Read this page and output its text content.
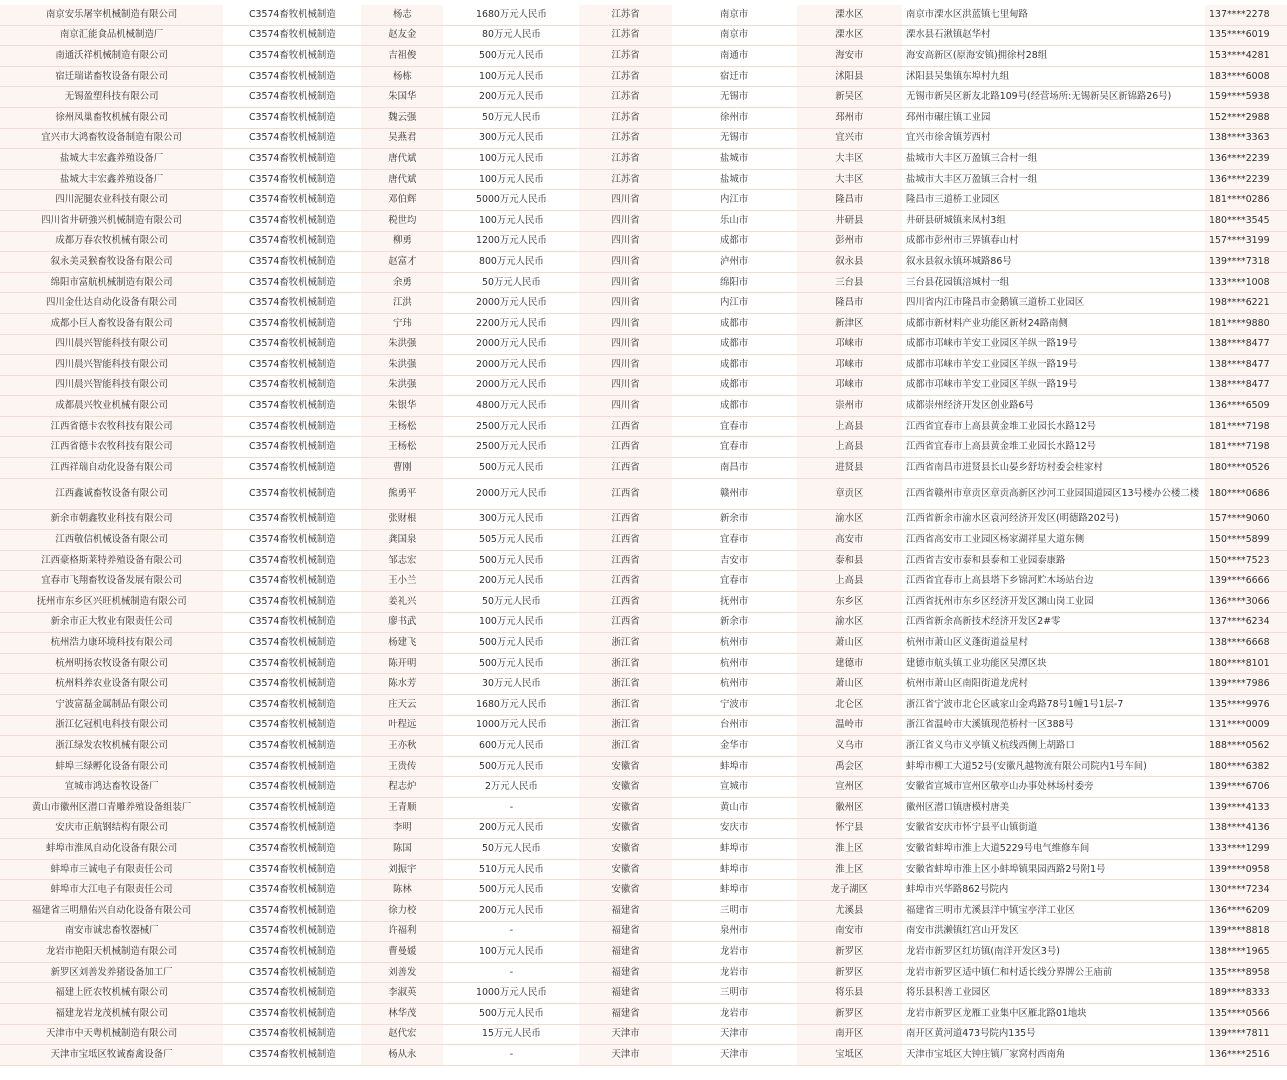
南京安乐屠宰机械制造有限公司	C3574畜牧机械制造	杨志	1680万元人民币	江苏省	南京市	溧水区	南京市溧水区洪蓝镇七里甸路	137****2278
南京汇能食品机械制造厂	C3574畜牧机械制造	赵友金	80万元人民币	江苏省	南京市	溧水区	溧水县石湫镇赵华村	135****6019
南通沃祥机械制造有限公司	C3574畜牧机械制造	吉祖俊	500万元人民币	江苏省	南通市	海安市	海安高新区(原海安镇)拥徐村28组	153****4281
宿迁瑞诺畜牧设备有限公司	C3574畜牧机械制造	杨栋	100万元人民币	江苏省	宿迁市	沭阳县	沭阳县吴集镇东埠村九组	183****6008
无锡盈塑科技有限公司	C3574畜牧机械制造	朱国华	200万元人民币	江苏省	无锡市	新吴区	无锡市新吴区新友北路109号(经营场所:无锡新吴区新锦路26号)	159****5938
徐州凤巢畜牧机械有限公司	C3574畜牧机械制造	魏云强	50万元人民币	江苏省	徐州市	邳州市	邳州市碾庄镇工业园	152****2988
宜兴市大鸿畜牧设备制造有限公司	C3574畜牧机械制造	吴燕君	300万元人民币	江苏省	无锡市	宜兴市	宜兴市徐舍镇芳西村	138****3363
盐城大丰宏鑫养殖设备厂	C3574畜牧机械制造	唐代斌	100万元人民币	江苏省	盐城市	大丰区	盐城市大丰区万盈镇三合村一组	136****2239
盐城大丰宏鑫养殖设备厂	C3574畜牧机械制造	唐代斌	100万元人民币	江苏省	盐城市	大丰区	盐城市大丰区万盈镇三合村一组	136****2239
四川泥腿农业科技有限公司	C3574畜牧机械制造	邓伯辉	5000万元人民币	四川省	内江市	隆昌市	隆昌市三道桥工业园区	181****0286
四川省井研強兴机械制造有限公司	C3574畜牧机械制造	税世均	100万元人民币	四川省	乐山市	井研县	井研县研城镇来凤村3组	180****3545
成都万春农牧机械有限公司	C3574畜牧机械制造	柳勇	1200万元人民币	四川省	成都市	彭州市	成都市彭州市三界镇春山村	157****3199
叙永美灵猴畜牧设备有限公司	C3574畜牧机械制造	赵富才	800万元人民币	四川省	泸州市	叙永县	叙永县叙永镇环城路86号	139****7318
绵阳市富航机械制造有限公司	C3574畜牧机械制造	余勇	50万元人民币	四川省	绵阳市	三台县	三台县花园镇涪城村一组	133****1008
四川金仕达自动化设备有限公司	C3574畜牧机械制造	江洪	2000万元人民币	四川省	内江市	隆昌市	四川省内江市隆昌市金鹅镇三道桥工业园区	198****6221
成都小巨人畜牧设备有限公司	C3574畜牧机械制造	宁玮	2200万元人民币	四川省	成都市	新津区	成都市新材料产业功能区新材24路南侧	181****9880
四川晨兴智能科技有限公司	C3574畜牧机械制造	朱洪强	2000万元人民币	四川省	成都市	邛崃市	成都市邛崃市羊安工业园区羊纵一路19号	138****8477
四川晨兴智能科技有限公司	C3574畜牧机械制造	朱洪强	2000万元人民币	四川省	成都市	邛崃市	成都市邛崃市羊安工业园区羊纵一路19号	138****8477
四川晨兴智能科技有限公司	C3574畜牧机械制造	朱洪强	2000万元人民币	四川省	成都市	邛崃市	成都市邛崃市羊安工业园区羊纵一路19号	138****8477
成都晨兴牧业机械有限公司	C3574畜牧机械制造	朱银华	4800万元人民币	四川省	成都市	崇州市	成都崇州经济开发区创业路6号	136****6509
江西省德卡农牧科技有限公司	C3574畜牧机械制造	王杨松	2500万元人民币	江西省	宜春市	上高县	江西省宜春市上高县黄金堆工业园长水路12号	181****7198
江西省德卡农牧科技有限公司	C3574畜牧机械制造	王杨松	2500万元人民币	江西省	宜春市	上高县	江西省宜春市上高县黄金堆工业园长水路12号	181****7198
江西祥瑞自动化设备有限公司	C3574畜牧机械制造	曹刚	500万元人民币	江西省	南昌市	进贤县	江西省南昌市进贤县长山晏乡舒坊村委会桂家村	180****0526
江西鑫诚畜牧设备有限公司	C3574畜牧机械制造	熊勇平	2000万元人民币	江西省	赣州市	章贡区	江西省赣州市章贡区章贡高新区沙河工业园国道园区13号楼办公楼二楼	180****0686
新余市朝鑫牧业科技有限公司	C3574畜牧机械制造	张财根	300万元人民币	江西省	新余市	渝水区	江西省新余市渝水区袁河经济开发区(明德路202号)	157****9060
江西敬信机械设备有限公司	C3574畜牧机械制造	龚国泉	505万元人民币	江西省	宜春市	高安市	江西省高安市工业园区杨家湖祥星大道东侧	150****5899
江西豪格斯莱特养殖设备有限公司	C3574畜牧机械制造	邹志宏	500万元人民币	江西省	吉安市	泰和县	江西省吉安市泰和县泰和工业园泰康路	150****7523
宜春市飞翔畜牧设备发展有限公司	C3574畜牧机械制造	王小兰	200万元人民币	江西省	宜春市	上高县	江西省宜春市上高县塔下乡锦河贮木场站台边	139****6666
抚州市东乡区兴旺机械制造有限公司	C3574畜牧机械制造	姜礼兴	50万元人民币	江西省	抚州市	东乡区	江西省抚州市东乡区经济开发区渊山岗工业园	136****3066
新余市正大牧业有限责任公司	C3574畜牧机械制造	廖书武	100万元人民币	江西省	新余市	渝水区	江西省新余高新技术经济开发区2#零	137****6234
杭州浩力康环境科技有限公司	C3574畜牧机械制造	杨建飞	500万元人民币	浙江省	杭州市	萧山区	杭州市萧山区义蓬街道益星村	138****6668
杭州明扬农牧设备有限公司	C3574畜牧机械制造	陈开明	500万元人民币	浙江省	杭州市	建德市	建德市航头镇工业功能区吴潭区块	180****8101
杭州料养农业设备有限公司	C3574畜牧机械制造	陈水芳	30万元人民币	浙江省	杭州市	萧山区	杭州市萧山区南阳街道龙虎村	139****7986
宁波富磊金属制品有限公司	C3574畜牧机械制造	庄天云	1680万元人民币	浙江省	宁波市	北仑区	浙江省宁波市北仑区戚家山金鸡路78号1幢1号1层-7	135****9976
浙江亿冠机电科技有限公司	C3574畜牧机械制造	叶程远	1000万元人民币	浙江省	台州市	温岭市	浙江省温岭市大溪镇现范桥村一区388号	131****0009
浙江绿发农牧机械有限公司	C3574畜牧机械制造	王亦秋	600万元人民币	浙江省	金华市	义乌市	浙江省义乌市义亭镇义杭线西侧上胡路口	188****0562
蚌埠三绿孵化设备有限公司	C3574畜牧机械制造	王贵传	500万元人民币	安徽省	蚌埠市	禹会区	蚌埠市柳工大道52号(安徽凡越物流有限公司院内1号车间)	180****6382
宣城市鸿达畜牧设备厂	C3574畜牧机械制造	程志炉	2万元人民币	安徽省	宣城市	宣州区	安徽省宣城市宣州区敬亭山办事处林场村委旁	139****6706
黄山市徽州区潜口青雕养殖设备组装厂	C3574畜牧机械制造	王青顺	-	安徽省	黄山市	徽州区	徽州区潜口镇唐模村唐美	139****4133
安庆市正航钢结构有限公司	C3574畜牧机械制造	李明	200万元人民币	安徽省	安庆市	怀宁县	安徽省安庆市怀宁县平山镇街道	138****4136
蚌埠市淮凤自动化设备有限公司	C3574畜牧机械制造	陈国	50万元人民币	安徽省	蚌埠市	淮上区	安徽省蚌埠市淮上大道5229号电气维修车间	133****1299
蚌埠市三诚电子有限责任公司	C3574畜牧机械制造	刘振宇	510万元人民币	安徽省	蚌埠市	淮上区	安徽省蚌埠市淮上区小蚌埠镇果园西路2号附1号	139****0958
蚌埠市大江电子有限责任公司	C3574畜牧机械制造	陈林	500万元人民币	安徽省	蚌埠市	龙子湖区	蚌埠市兴华路862号院内	130****7234
福建省三明鼎佑兴自动化设备有限公司	C3574畜牧机械制造	徐力校	200万元人民币	福建省	三明市	尤溪县	福建省三明市尤溪县洋中镇宝亭洋工业区	136****6209
南安市诚忠畜牧器械厂	C3574畜牧机械制造	许福利	-	福建省	泉州市	南安市	南安市洪濑镇红宫山开发区	139****8818
龙岩市艳阳天机械制造有限公司	C3574畜牧机械制造	曹曼媛	100万元人民币	福建省	龙岩市	新罗区	龙岩市新罗区红坊镇(南洋开发区3号)	138****1965
新罗区刘善发养猪设备加工厂	C3574畜牧机械制造	刘善发	-	福建省	龙岩市	新罗区	龙岩市新罗区适中镇仁和村适长线分界牌公王庙前	135****8958
福建上匠农牧机械有限公司	C3574畜牧机械制造	李淑英	1000万元人民币	福建省	三明市	将乐县	将乐县积善工业园区	189****8333
福建龙岩龙茂机械有限公司	C3574畜牧机械制造	林华茂	500万元人民币	福建省	龙岩市	新罗区	龙岩市新罗区龙雁工业集中区雁北路01地块	135****0566
天津市中天粤机械制造有限公司	C3574畜牧机械制造	赵代宏	15万元人民币	天津市	天津市	南开区	南开区黄河道473号院内135号	139****7811
天津市宝坻区牧诚畜禽设备厂	C3574畜牧机械制造	杨从永	-	天津市	天津市	宝坻区	天津市宝坻区大钟庄镇厂家窝村西南角	136****2516
